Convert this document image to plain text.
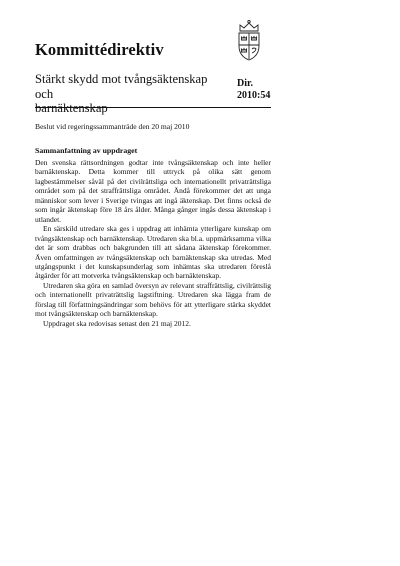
Kommittédirektiv
Stärkt skydd mot tvångsäktenskap och
barnäktenskap
Dir.
2010:54
Beslut vid regeringssammanträde den 20 maj 2010
Sammanfattning av uppdraget

Den svenska rättsordningen godtar inte tvångsäktenskap och inte heller barnäktenskap. Detta kommer till uttryck på olika sätt genom lagbestämmelser såväl på det civilrättsliga och internationellt privaträttsliga området som på det straffrättsliga området. Ändå förekommer det att unga människor som lever i Sverige tvingas att ingå äktenskap. Det finns också de som ingår äktenskap före 18 års ålder. Många gånger ingås dessa äktenskap i utlandet.

En särskild utredare ska ges i uppdrag att inhämta ytterligare kunskap om tvångsäktenskap och barnäktenskap. Utredaren ska bl.a. uppmärksamma vilka det är som drabbas och bakgrunden till att sådana äktenskap förekommer. Även omfattningen av tvångsäktenskap och barnäktenskap ska utredas. Med utgångspunkt i det kunskapsunderlag som inhämtas ska utredaren föreslå åtgärder för att motverka tvångsäktenskap och barnäktenskap.

Utredaren ska göra en samlad översyn av relevant straffrättslig, civilrättslig och internationellt privaträttslig lagstiftning. Utredaren ska lägga fram de förslag till författningsändringar som behövs för att ytterligare stärka skyddet mot tvångsäktenskap och barnäktenskap.

Uppdraget ska redovisas senast den 21 maj 2012.
